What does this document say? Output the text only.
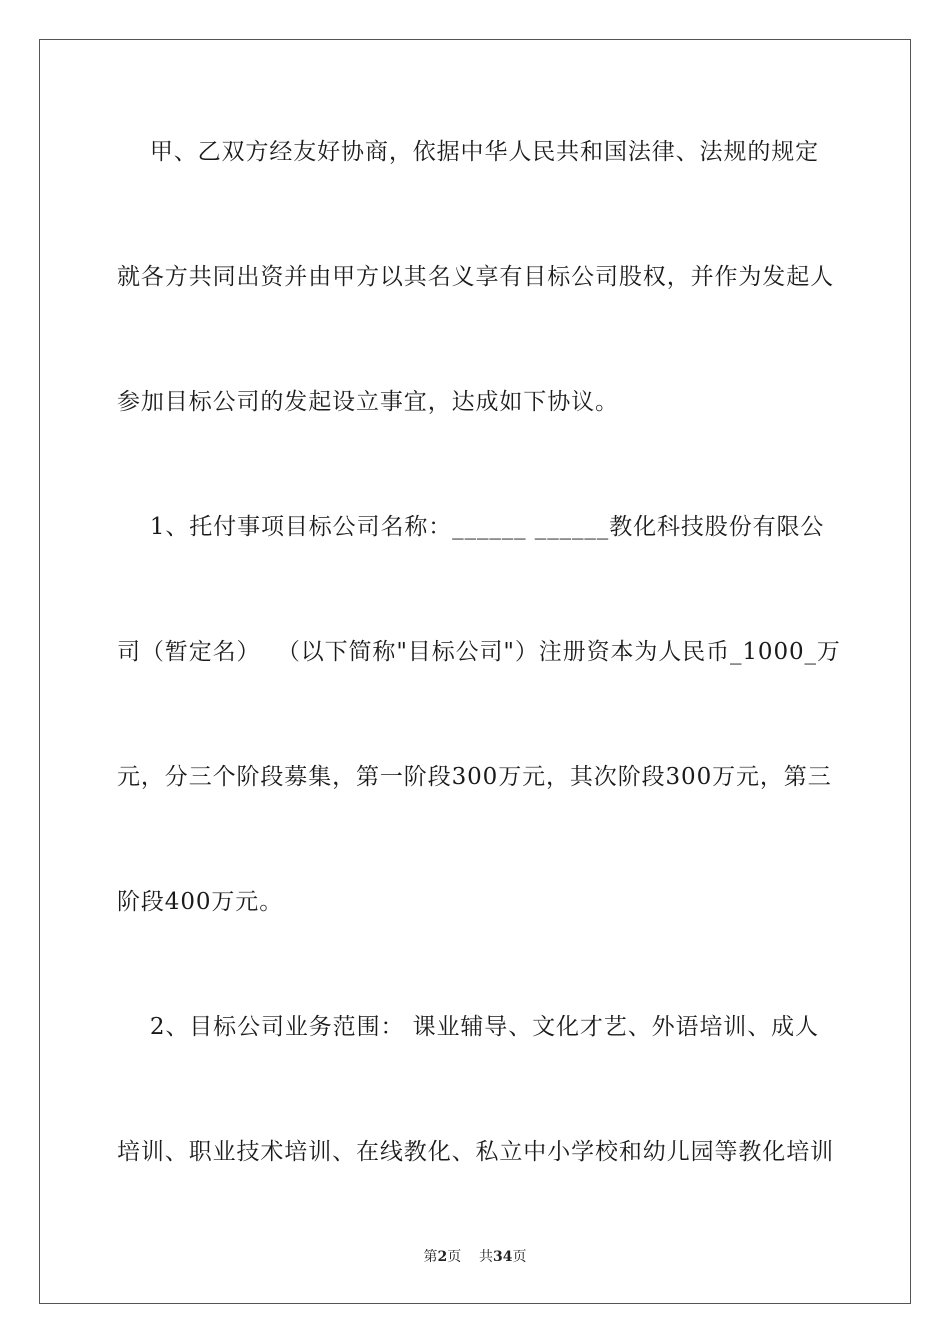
甲、乙双方经友好协商，依据中华人民共和国法律、法规的规定
就各方共同出资并由甲方以其名义享有目标公司股权，并作为发起人
参加目标公司的发起设立事宜，达成如下协议。
1、托付事项目标公司名称：______ ______教化科技股份有限公
司（暂定名）  （以下简称"目标公司"）注册资本为人民币_1000_万
元，分三个阶段募集，第一阶段300万元，其次阶段300万元，第三
阶段400万元。
2、目标公司业务范围： 课业辅导、文化才艺、外语培训、成人
培训、职业技术培训、在线教化、私立中小学校和幼儿园等教化培训
第2页 共34页
